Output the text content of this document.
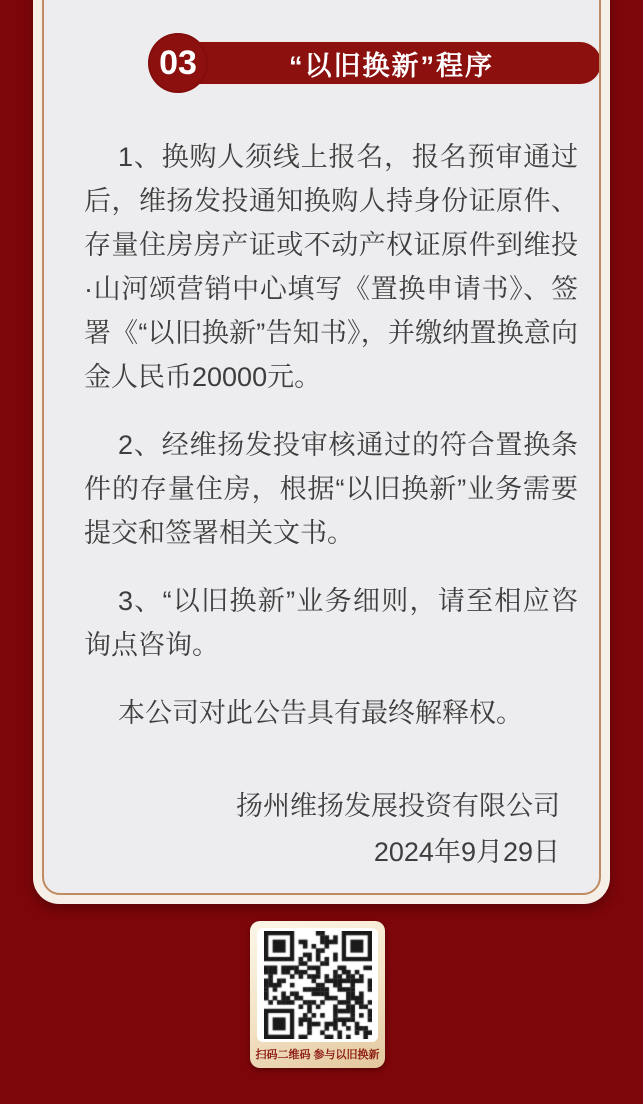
03	“以旧换新”程序

1、换购人须线上报名，报名预审通过后，维扬发投通知换购人持身份证原件、存量住房房产证或不动产权证原件到维投·山河颂营销中心填写《置换申请书》、签署《“以旧换新”告知书》，并缴纳置换意向金人民币20000元。

2、经维扬发投审核通过的符合置换条件的存量住房，根据“以旧换新”业务需要提交和签署相关文书。

3、“以旧换新”业务细则，请至相应咨询点咨询。

本公司对此公告具有最终解释权。

扬州维扬发展投资有限公司
2024年9月29日
扫码二维码 参与以旧换新
